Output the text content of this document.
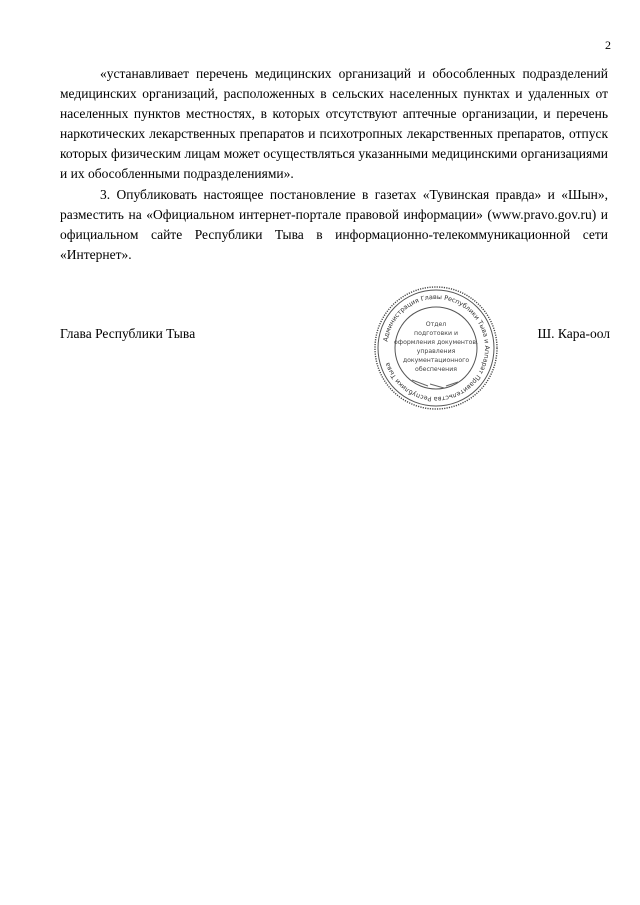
2

«устанавливает перечень медицинских организаций и обособленных подразделений медицинских организаций, расположенных в сельских населенных пунктах и удаленных от населенных пунктов местностях, в которых отсутствуют аптечные организации, и перечень наркотических лекарственных препаратов и психотропных лекарственных препаратов, отпуск которых физическим лицам может осуществляться указанными медицинскими организациями и их обособленными подразделениями».

3. Опубликовать настоящее постановление в газетах «Тувинская правда» и «Шын», разместить на «Официальном интернет-портале правовой информации» (www.pravo.gov.ru) и официальном сайте Республики Тыва в информационно-телекоммуникационной сети «Интернет».

Глава Республики Тывa	Администрация Главы Республики Тыва и Аппарат Правительства Республики Тыва
Отдел
подготовки и
оформления документов,
управления
документационного
обеспечения
Ш. Кара-оол
